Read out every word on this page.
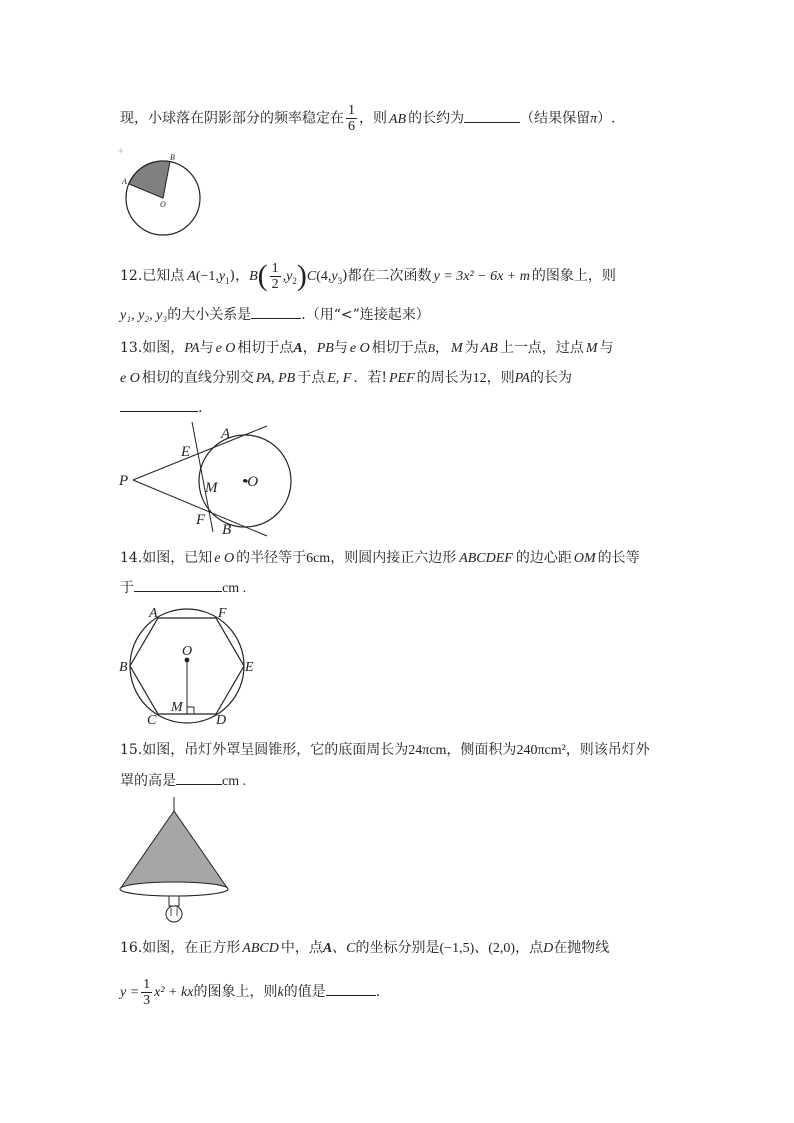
现，小球落在阴影部分的频率稳定在 $\frac{1}{6}$ ，则 AB 的长约为	（结果保留π）.
B
A
O
12.已知点 $A(-1,y_1)$，$B( \frac{1}{2} ,y_2)C(4,y_3)$都在二次函数 y = 3x² − 6x + m 的图象上，则
y₁, y₂, y₃的大小关系是	.（用“<”连接起来）
13.如图，PA与 e O 相切于点A，PB与 e O 相切于点B， M 为 AB 上一点，过点 M 与
e O 相切的直线分别交 PA, PB 于点 E, F ．若! PEF 的周长为12，则PA的长为
.
P
A
E
M •O
F
B
14.如图，已知 e O 的半径等于6cm，则圆内接正六边形 ABCDEF 的边心距 OM 的长等
于	cm .
A	F
B
O
E
M
C	D
15.如图，吊灯外罩呈圆锥形，它的底面周长为24πcm，侧面积为240πcm²，则该吊灯外
罩的高是	cm .
16.如图，在正方形 ABCD 中，点A、C的坐标分别是(−1,5)、(2,0)，点D在抛物线
$y = \frac{1}{3} x^2$ + kx的图象上，则k的值是	.
